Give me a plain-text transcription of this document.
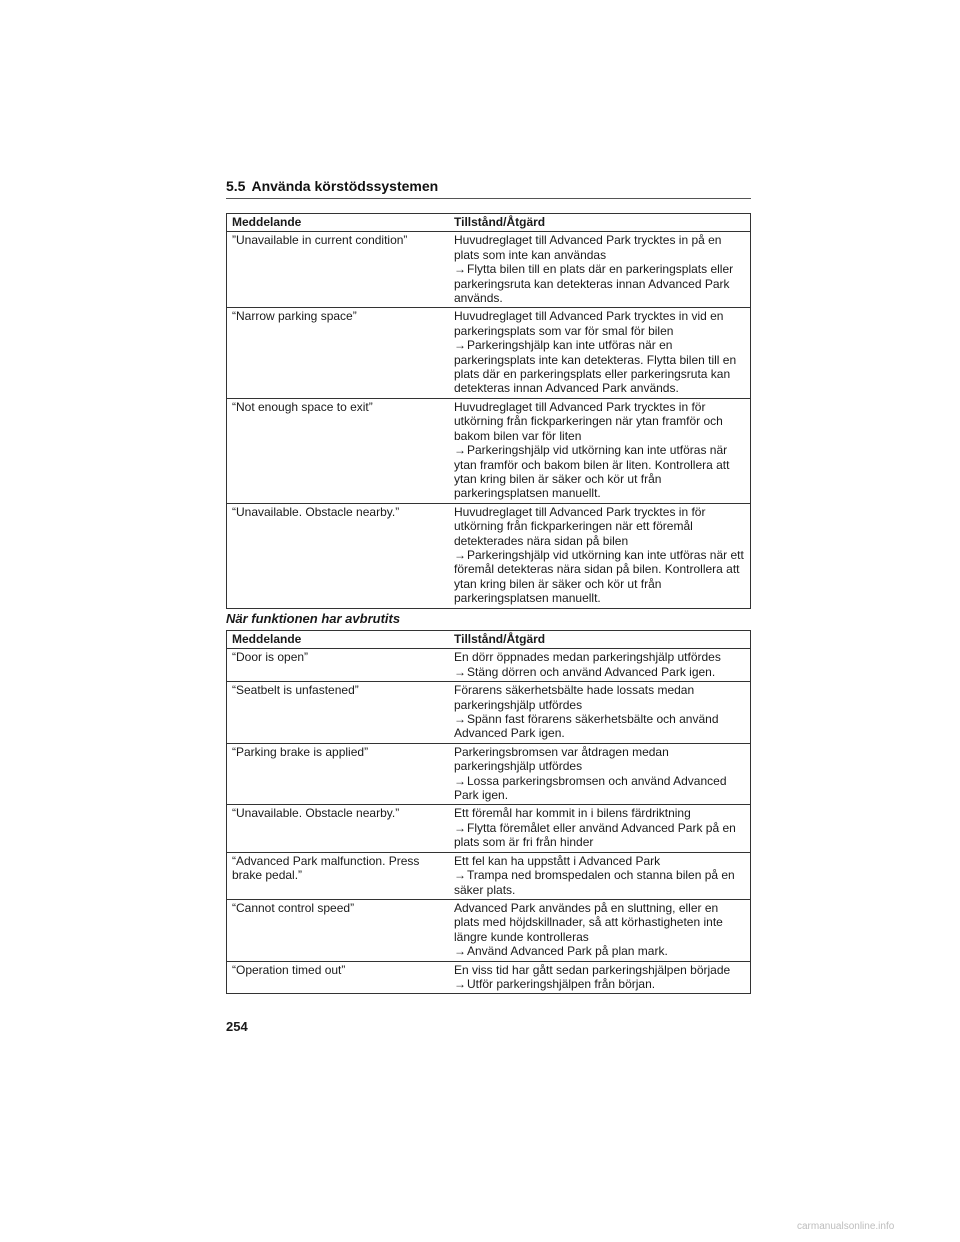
5.5 Använda körstödssystemen
Meddelande	Tillstånd/Åtgärd
”Unavailable in current condition”	Huvudreglaget till Advanced Park trycktes in på en plats som inte kan användas
→Flytta bilen till en plats där en parkeringsplats eller parkeringsruta kan detekteras innan Advanced Park används.
“Narrow parking space”	Huvudreglaget till Advanced Park trycktes in vid en parkeringsplats som var för smal för bilen
→Parkeringshjälp kan inte utföras när en parkeringsplats inte kan detekteras. Flytta bilen till en plats där en parkeringsplats eller parkeringsruta kan detekteras innan Advanced Park används.
“Not enough space to exit”	Huvudreglaget till Advanced Park trycktes in för utkörning från fickparkeringen när ytan framför och bakom bilen var för liten
→Parkeringshjälp vid utkörning kan inte utföras när ytan framför och bakom bilen är liten. Kontrollera att ytan kring bilen är säker och kör ut från parkeringsplatsen manuellt.
“Unavailable. Obstacle nearby.”	Huvudreglaget till Advanced Park trycktes in för utkörning från fickparkeringen när ett föremål detekterades nära sidan på bilen
→Parkeringshjälp vid utkörning kan inte utföras när ett föremål detekteras nära sidan på bilen. Kontrollera att ytan kring bilen är säker och kör ut från parkeringsplatsen manuellt.
När funktionen har avbrutits
Meddelande	Tillstånd/Åtgärd
“Door is open”	En dörr öppnades medan parkeringshjälp utfördes
→Stäng dörren och använd Advanced Park igen.
“Seatbelt is unfastened”	Förarens säkerhetsbälte hade lossats medan parkeringshjälp utfördes
→Spänn fast förarens säkerhetsbälte och använd Advanced Park igen.
“Parking brake is applied”	Parkeringsbromsen var åtdragen medan parkeringshjälp utfördes
→Lossa parkeringsbromsen och använd Advanced Park igen.
“Unavailable. Obstacle nearby.”	Ett föremål har kommit in i bilens färdriktning
→Flytta föremålet eller använd Advanced Park på en plats som är fri från hinder
“Advanced Park malfunction. Press brake pedal.”	Ett fel kan ha uppstått i Advanced Park
→Trampa ned bromspedalen och stanna bilen på en säker plats.
“Cannot control speed”	Advanced Park användes på en sluttning, eller en plats med höjdskillnader, så att körhastigheten inte längre kunde kontrolleras
→Använd Advanced Park på plan mark.
“Operation timed out”	En viss tid har gått sedan parkeringshjälpen började
→Utför parkeringshjälpen från början.
254
carmanualsonline.info
